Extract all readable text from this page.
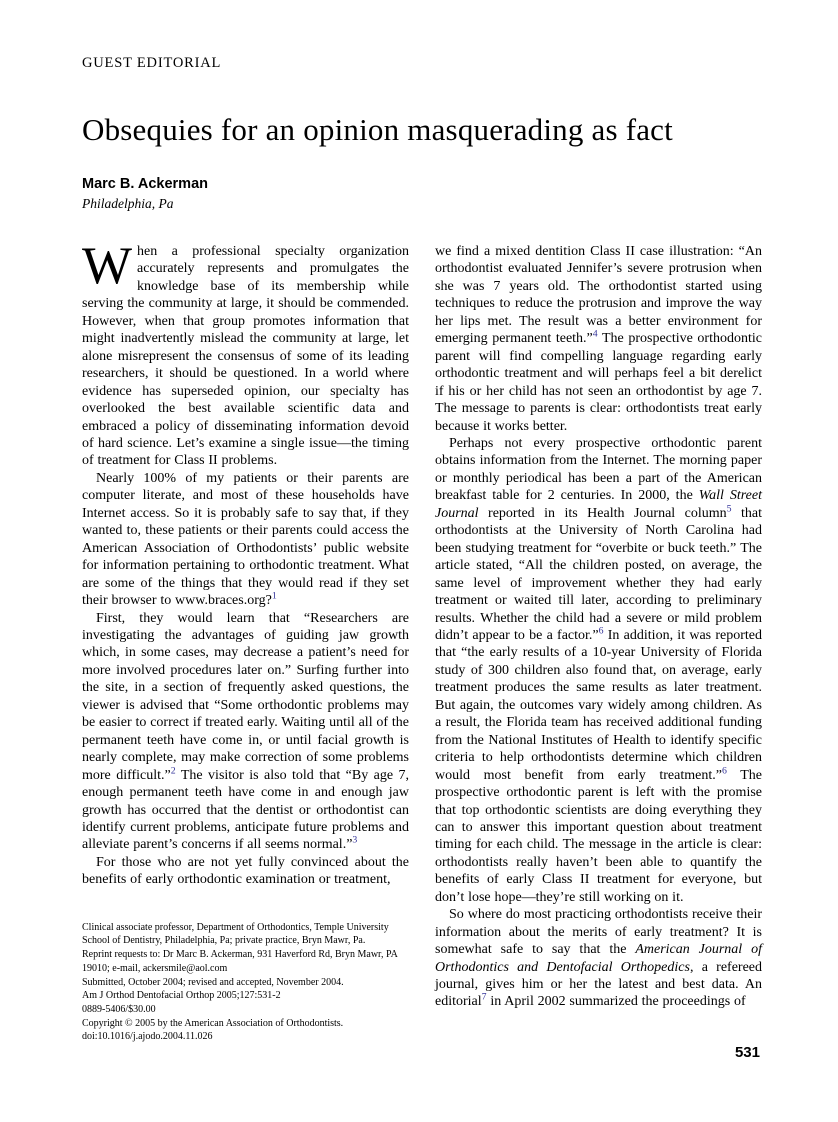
GUEST EDITORIAL
Obsequies for an opinion masquerading as fact
Marc B. Ackerman
Philadelphia, Pa

When a professional specialty organization accurately represents and promulgates the knowledge base of its membership while serving the community at large, it should be commended. However, when that group promotes information that might inadvertently mislead the community at large, let alone misrepresent the consensus of some of its leading researchers, it should be questioned. In a world where evidence has superseded opinion, our specialty has overlooked the best available scientific data and embraced a policy of disseminating information devoid of hard science. Let’s examine a single issue—the timing of treatment for Class II problems.

Nearly 100% of my patients or their parents are computer literate, and most of these households have Internet access. So it is probably safe to say that, if they wanted to, these patients or their parents could access the American Association of Orthodontists’ public website for information pertaining to orthodontic treatment. What are some of the things that they would read if they set their browser to www.braces.org?$^1$

First, they would learn that “Researchers are investigating the advantages of guiding jaw growth which, in some cases, may decrease a patient’s need for more involved procedures later on.” Surfing further into the site, in a section of frequently asked questions, the viewer is advised that “Some orthodontic problems may be easier to correct if treated early. Waiting until all of the permanent teeth have come in, or until facial growth is nearly complete, may make correction of some problems more difficult.”$^2$ The visitor is also told that “By age 7, enough permanent teeth have come in and enough jaw growth has occurred that the dentist or orthodontist can identify current problems, anticipate future problems and alleviate parent’s concerns if all seems normal.”$^3$

For those who are not yet fully convinced about the benefits of early orthodontic examination or treatment,

Clinical associate professor, Department of Orthodontics, Temple University School of Dentistry, Philadelphia, Pa; private practice, Bryn Mawr, Pa.

Reprint requests to: Dr Marc B. Ackerman, 931 Haverford Rd, Bryn Mawr, PA 19010; e-mail, ackersmile@aol.com

Submitted, October 2004; revised and accepted, November 2004.

Am J Orthod Dentofacial Orthop 2005;127:531-2

0889-5406/$30.00

Copyright © 2005 by the American Association of Orthodontists.

doi:10.1016/j.ajodo.2004.11.026

we find a mixed dentition Class II case illustration: “An orthodontist evaluated Jennifer’s severe protrusion when she was 7 years old. The orthodontist started using techniques to reduce the protrusion and improve the way her lips met. The result was a better environment for emerging permanent teeth.”$^4$ The prospective orthodontic parent will find compelling language regarding early orthodontic treatment and will perhaps feel a bit derelict if his or her child has not seen an orthodontist by age 7. The message to parents is clear: orthodontists treat early because it works better.

Perhaps not every prospective orthodontic parent obtains information from the Internet. The morning paper or monthly periodical has been a part of the American breakfast table for 2 centuries. In 2000, the Wall Street Journal reported in its Health Journal column$^5$ that orthodontists at the University of North Carolina had been studying treatment for “overbite or buck teeth.” The article stated, “All the children posted, on average, the same level of improvement whether they had early treatment or waited till later, according to preliminary results. Whether the child had a severe or mild problem didn’t appear to be a factor.”$^6$ In addition, it was reported that “the early results of a 10-year University of Florida study of 300 children also found that, on average, early treatment produces the same results as later treatment. But again, the outcomes vary widely among children. As a result, the Florida team has received additional funding from the National Institutes of Health to identify specific criteria to help orthodontists determine which children would most benefit from early treatment.”$^6$ The prospective orthodontic parent is left with the promise that top orthodontic scientists are doing everything they can to answer this important question about treatment timing for each child. The message in the article is clear: orthodontists really haven’t been able to quantify the benefits of early Class II treatment for everyone, but don’t lose hope—they’re still working on it.

So where do most practicing orthodontists receive their information about the merits of early treatment? It is somewhat safe to say that the American Journal of Orthodontics and Dentofacial Orthopedics, a refereed journal, gives him or her the latest and best data. An editorial$^7$ in April 2002 summarized the proceedings of

531
